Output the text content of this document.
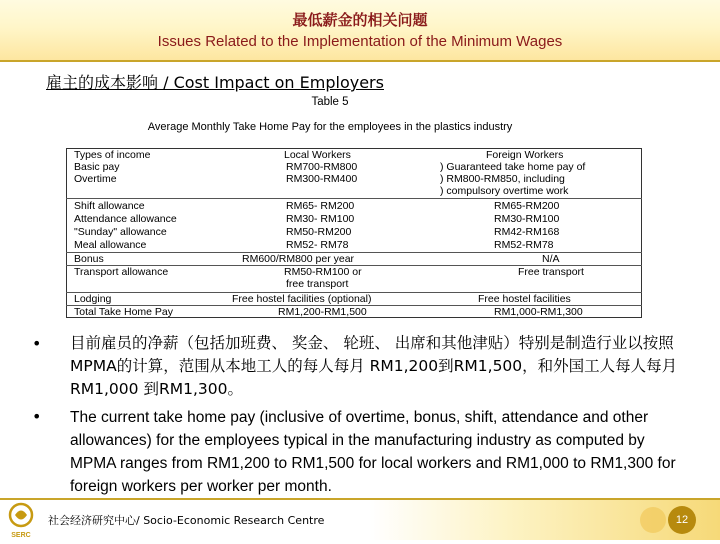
最低薪金的相关问题
Issues Related to the Implementation of the Minimum Wages
雇主的成本影响 / Cost Impact on Employers
Table 5
Average Monthly Take Home Pay for the employees in the plastics industry
Types of income	Local Workers	Foreign Workers
Basic pay	RM700-RM800	) Guaranteed take home pay of
Overtime	RM300-RM400	) RM800-RM850, including
) compulsory overtime work
Shift allowance	RM65- RM200	RM65-RM200
Attendance allowance	RM30- RM100	RM30-RM100
"Sunday" allowance	RM50-RM200	RM42-RM168
Meal allowance	RM52- RM78	RM52-RM78
Bonus	RM600/RM800 per year	N/A
Transport allowance	RM50-RM100 or	Free transport
free transport
Lodging	Free hostel facilities (optional)	Free hostel facilities
Total Take Home Pay	RM1,200-RM1,500	RM1,000-RM1,300
• 目前雇员的净薪（包括加班费、 奖金、 轮班、 出席和其他津贴）特别是制造行业以按照 MPMA的计算，范围从本地工人的每人每月 RM1,200到RM1,500，和外国工人每人每月RM1,000 到RM1,300。
• The current take home pay (inclusive of overtime, bonus, shift, attendance and other allowances) for the employees typical in the manufacturing industry as computed by MPMA ranges from RM1,200 to RM1,500 for local workers and RM1,000 to RM1,300 for foreign workers per worker per month.
SERC
社会经济研究中心/ Socio-Economic Research Centre	12
